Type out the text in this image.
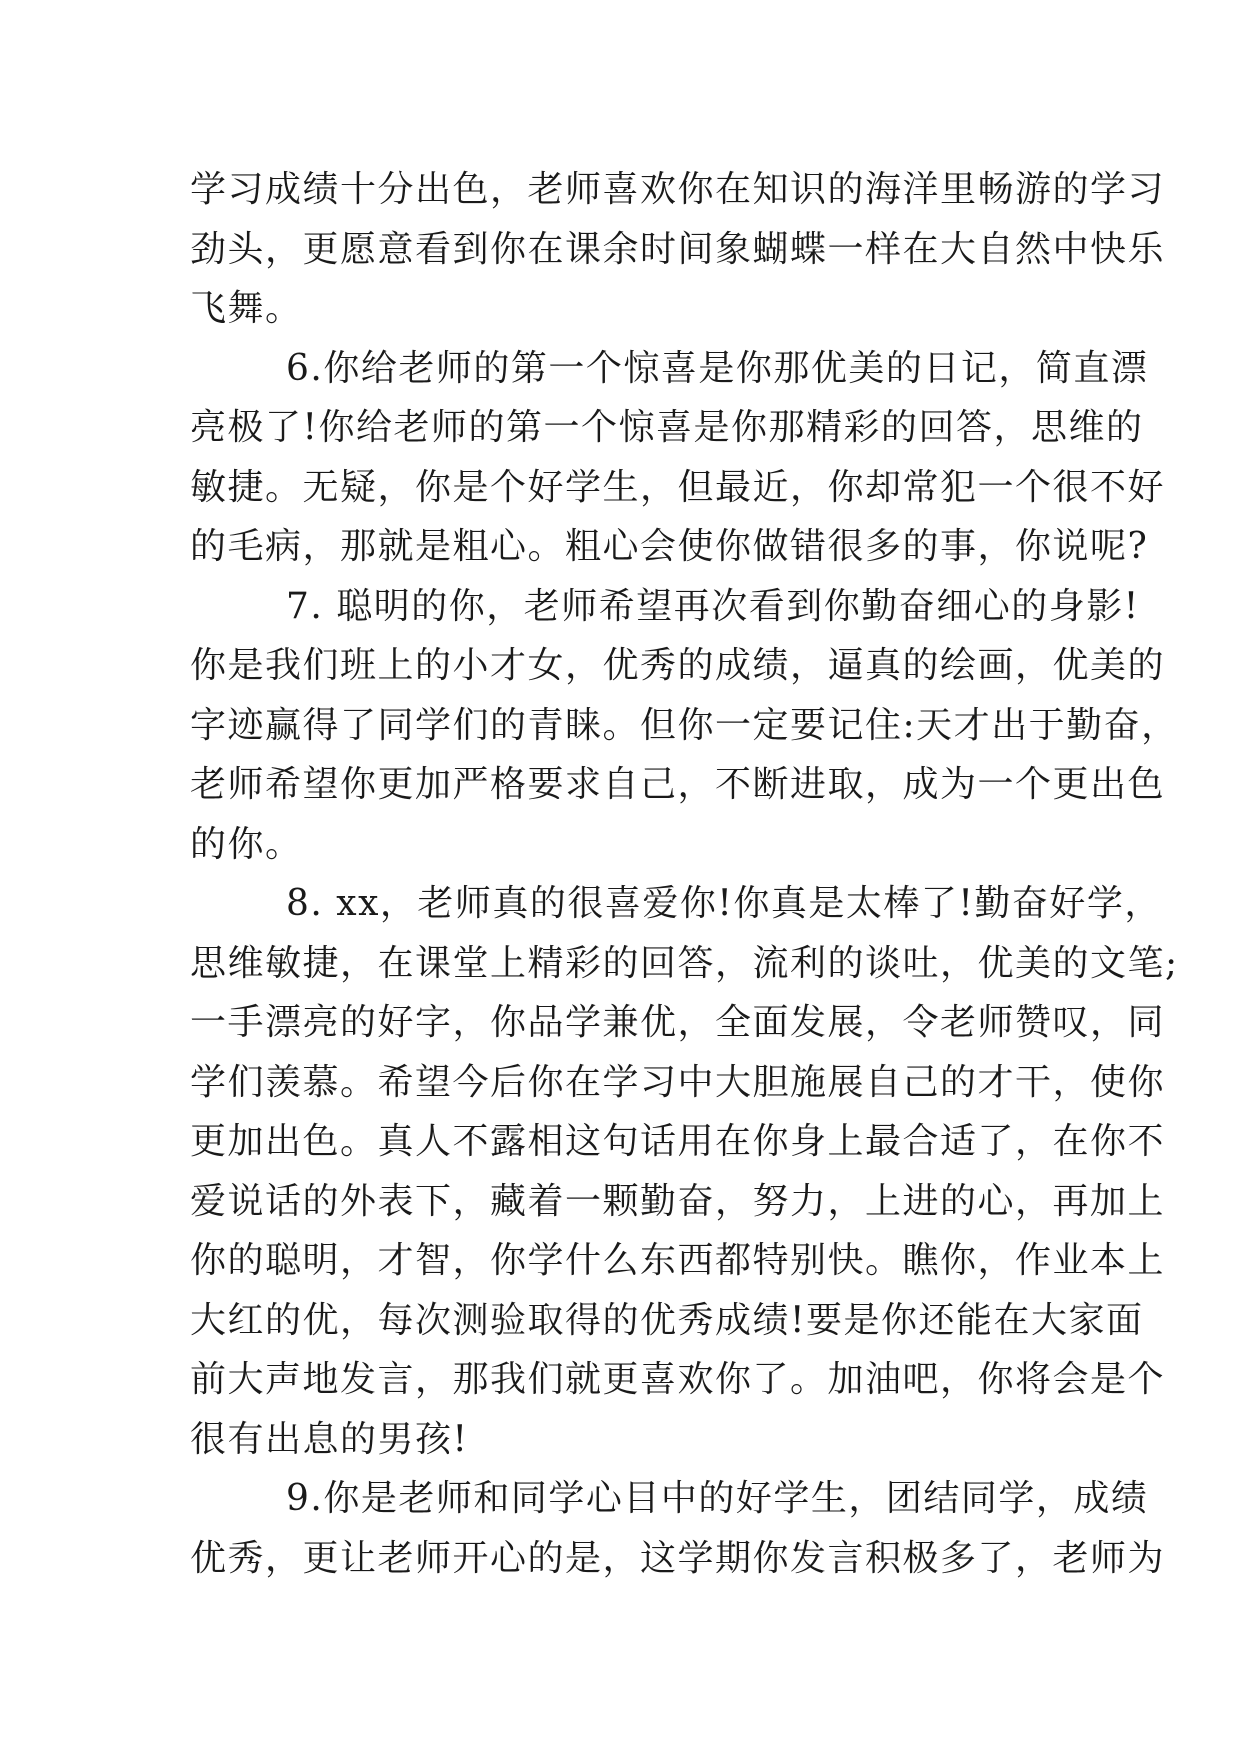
学习成绩十分出色，老师喜欢你在知识的海洋里畅游的学习
劲头，更愿意看到你在课余时间象蝴蝶一样在大自然中快乐
飞舞。
6.你给老师的第一个惊喜是你那优美的日记，简直漂
亮极了!你给老师的第一个惊喜是你那精彩的回答，思维的
敏捷。无疑，你是个好学生，但最近，你却常犯一个很不好
的毛病，那就是粗心。粗心会使你做错很多的事，你说呢?
7. 聪明的你，老师希望再次看到你勤奋细心的身影!
你是我们班上的小才女，优秀的成绩，逼真的绘画，优美的
字迹赢得了同学们的青睐。但你一定要记住:天才出于勤奋，
老师希望你更加严格要求自己，不断进取，成为一个更出色
的你。
8. xx，老师真的很喜爱你!你真是太棒了!勤奋好学，
思维敏捷，在课堂上精彩的回答，流利的谈吐，优美的文笔;
一手漂亮的好字，你品学兼优，全面发展，令老师赞叹，同
学们羡慕。希望今后你在学习中大胆施展自己的才干，使你
更加出色。真人不露相这句话用在你身上最合适了，在你不
爱说话的外表下，藏着一颗勤奋，努力，上进的心，再加上
你的聪明，才智，你学什么东西都特别快。瞧你，作业本上
大红的优，每次测验取得的优秀成绩!要是你还能在大家面
前大声地发言，那我们就更喜欢你了。加油吧，你将会是个
很有出息的男孩!
9.你是老师和同学心目中的好学生，团结同学，成绩
优秀，更让老师开心的是，这学期你发言积极多了，老师为
